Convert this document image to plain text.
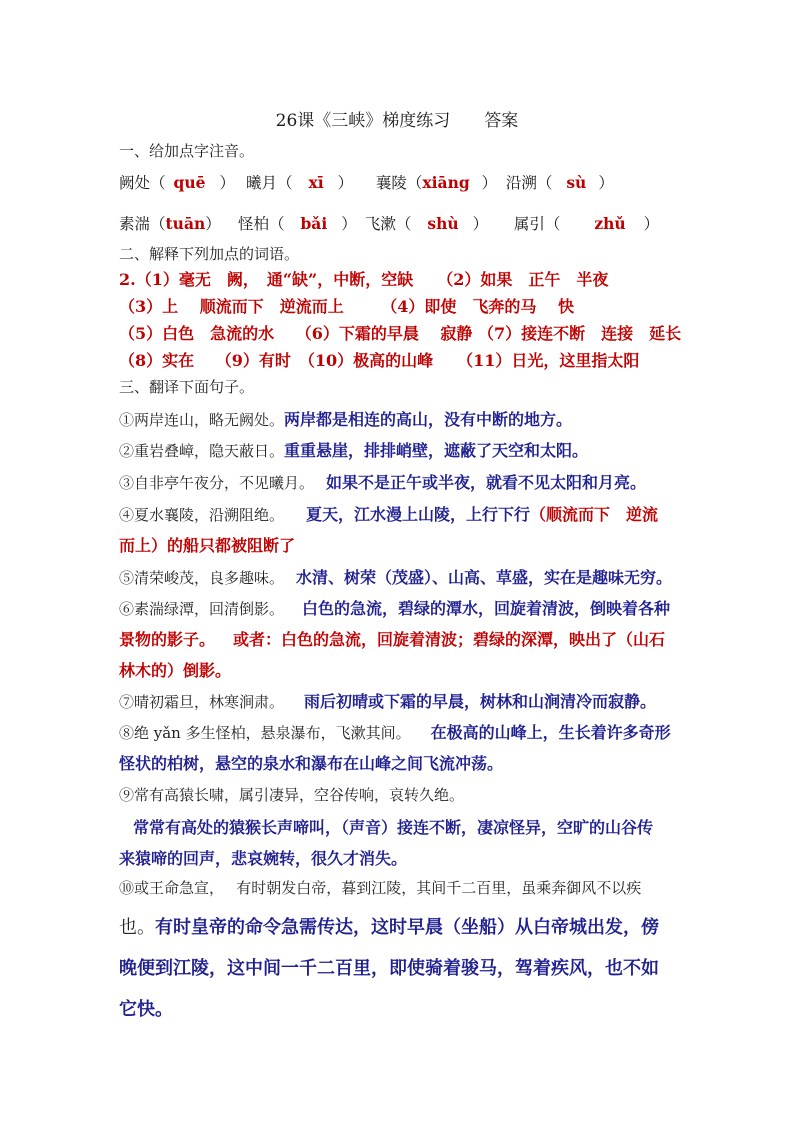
26课《三峡》梯度练习 答案
一、给加点字注音。
阙处（ quē ） 曦月（ xī ） 襄陵（xiāng ） 沿溯（ sù ）
素湍（tuān） 怪柏（ bǎi ） 飞漱（ shù ） 属引（ zhǔ ）
二、解释下列加点的词语。
2.（1）毫无　阙，　通“缺”，中断，空缺　　（2）如果　正午　半夜
（3）上　 顺流而下　逆流而上　　 （4）即使　飞奔的马　 快
（5）白色　急流的水　 （6）下霜的早晨　 寂静 （7）接连不断　连接　延长
（8）实在　 （9）有时　（10）极高的山峰　　（11）日光，这里指太阳
三、翻译下面句子。
①两岸连山，略无阙处。两岸都是相连的高山，没有中断的地方。
②重岩叠嶂，隐天蔽日。重重悬崖，排排峭壁，遮蔽了天空和太阳。
③自非亭午夜分，不见曦月。 如果不是正午或半夜，就看不见太阳和月亮。
④夏水襄陵，沿溯阻绝。 夏天，江水漫上山陵，上行下行（顺流而下　逆流
而上）的船只都被阻断了
⑤清荣峻茂，良多趣味。 水清、树荣（茂盛）、山高、草盛，实在是趣味无穷。
⑥素湍绿潭，回清倒影。 白色的急流，碧绿的潭水，回旋着清波，倒映着各种
景物的影子。 或者：白色的急流，回旋着清波；碧绿的深潭，映出了（山石
林木的）倒影。
⑦晴初霜旦，林寒涧肃。 雨后初晴或下霜的早晨，树林和山涧清冷而寂静。
⑧绝 yǎn 多生怪柏，悬泉瀑布，飞漱其间。 在极高的山峰上，生长着许多奇形
怪状的柏树，悬空的泉水和瀑布在山峰之间飞流冲荡。
⑨常有高猿长啸，属引凄异，空谷传响，哀转久绝。
常常有高处的猿猴长声啼叫，（声音）接连不断，凄凉怪异，空旷的山谷传
来猿啼的回声，悲哀婉转，很久才消失。
⑩或王命急宣，　 有时朝发白帝，暮到江陵，其间千二百里，虽乘奔御风不以疾
也。有时皇帝的命令急需传达，这时早晨（坐船）从白帝城出发，傍
晚便到江陵，这中间一千二百里，即使骑着骏马，驾着疾风，也不如
它快。
